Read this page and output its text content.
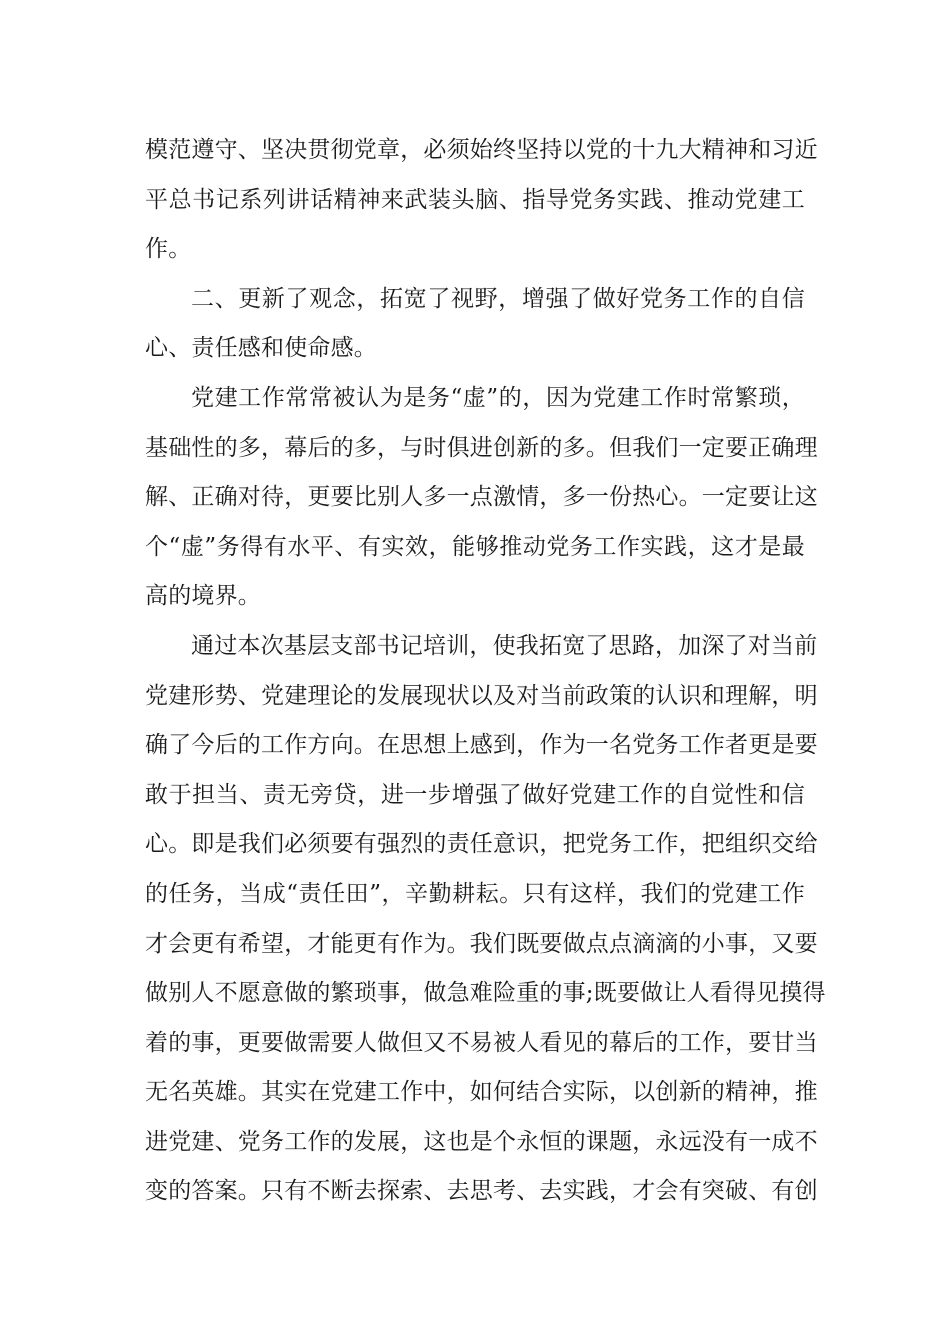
模范遵守、坚决贯彻党章，必须始终坚持以党的十九大精神和习近
平总书记系列讲话精神来武装头脑、指导党务实践、推动党建工
作。
二、更新了观念，拓宽了视野，增强了做好党务工作的自信
心、责任感和使命感。
党建工作常常被认为是务“虚”的，因为党建工作时常繁琐，
基础性的多，幕后的多，与时俱进创新的多。但我们一定要正确理
解、正确对待，更要比别人多一点激情，多一份热心。一定要让这
个“虚”务得有水平、有实效，能够推动党务工作实践，这才是最
高的境界。
通过本次基层支部书记培训，使我拓宽了思路，加深了对当前
党建形势、党建理论的发展现状以及对当前政策的认识和理解，明
确了今后的工作方向。在思想上感到，作为一名党务工作者更是要
敢于担当、责无旁贷，进一步增强了做好党建工作的自觉性和信
心。即是我们必须要有强烈的责任意识，把党务工作，把组织交给
的任务，当成“责任田”，辛勤耕耘。只有这样，我们的党建工作
才会更有希望，才能更有作为。我们既要做点点滴滴的小事，又要
做别人不愿意做的繁琐事，做急难险重的事;既要做让人看得见摸得
着的事，更要做需要人做但又不易被人看见的幕后的工作，要甘当
无名英雄。其实在党建工作中，如何结合实际，以创新的精神，推
进党建、党务工作的发展，这也是个永恒的课题，永远没有一成不
变的答案。只有不断去探索、去思考、去实践，才会有突破、有创
